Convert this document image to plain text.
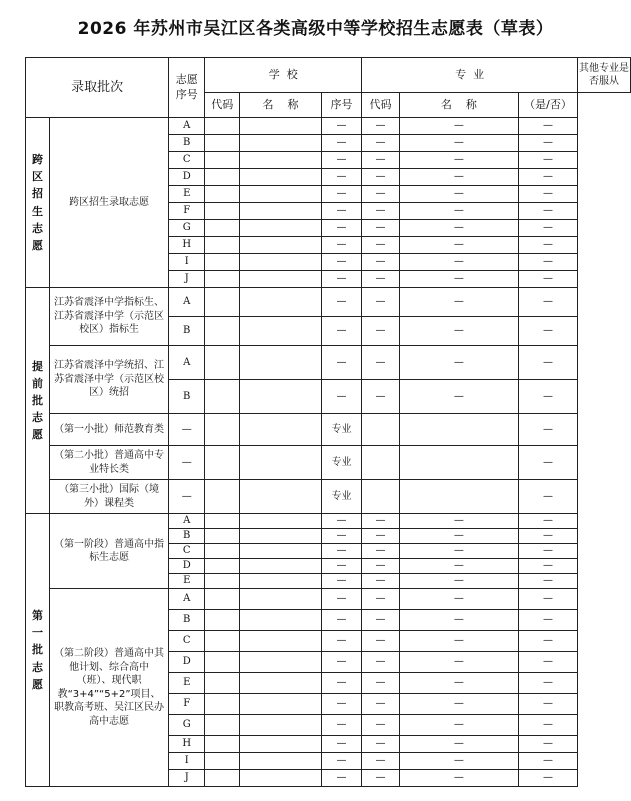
2026 年苏州市吴江区各类高级中等学校招生志愿表（草表）
录取批次		志愿序号	学  校			专  业			其他专业是否服从
			代码	名    称	序号	代码	名    称	（是/否）	
跨区招生志愿	跨区招生录取志愿	A			—	—	—	—	
		B			—	—	—	—	
		C			—	—	—	—	
		D			—	—	—	—	
		E			—	—	—	—	
		F			—	—	—	—	
		G			—	—	—	—	
		H			—	—	—	—	
		I			—	—	—	—	
		J			—	—	—	—	
提前批志愿	江苏省震泽中学指标生、江苏省震泽中学（示范区校区）指标生	A			—	—	—	—	
		B			—	—	—	—	
	江苏省震泽中学统招、江苏省震泽中学（示范区校区）统招	A			—	—	—	—	
		B			—	—	—	—	
	（第一小批）师范教育类	—			专业			—	
	（第二小批）普通高中专业特长类	—			专业			—	
	（第三小批）国际（境外）课程类	—			专业			—	
第一批志愿	（第一阶段）普通高中指标生志愿	A			—	—	—	—	
		B			—	—	—	—	
		C			—	—	—	—	
		D			—	—	—	—	
		E			—	—	—	—	
	（第二阶段）普通高中其他计划、综合高中（班）、现代职教“3+4”“5+2”项目、职教高考班、吴江区民办高中志愿	A			—	—	—	—	
		B			—	—	—	—	
		C			—	—	—	—	
		D			—	—	—	—	
		E			—	—	—	—	
		F			—	—	—	—	
		G			—	—	—	—	
		H			—	—	—	—	
		I			—	—	—	—	
		J			—	—	—	—	
